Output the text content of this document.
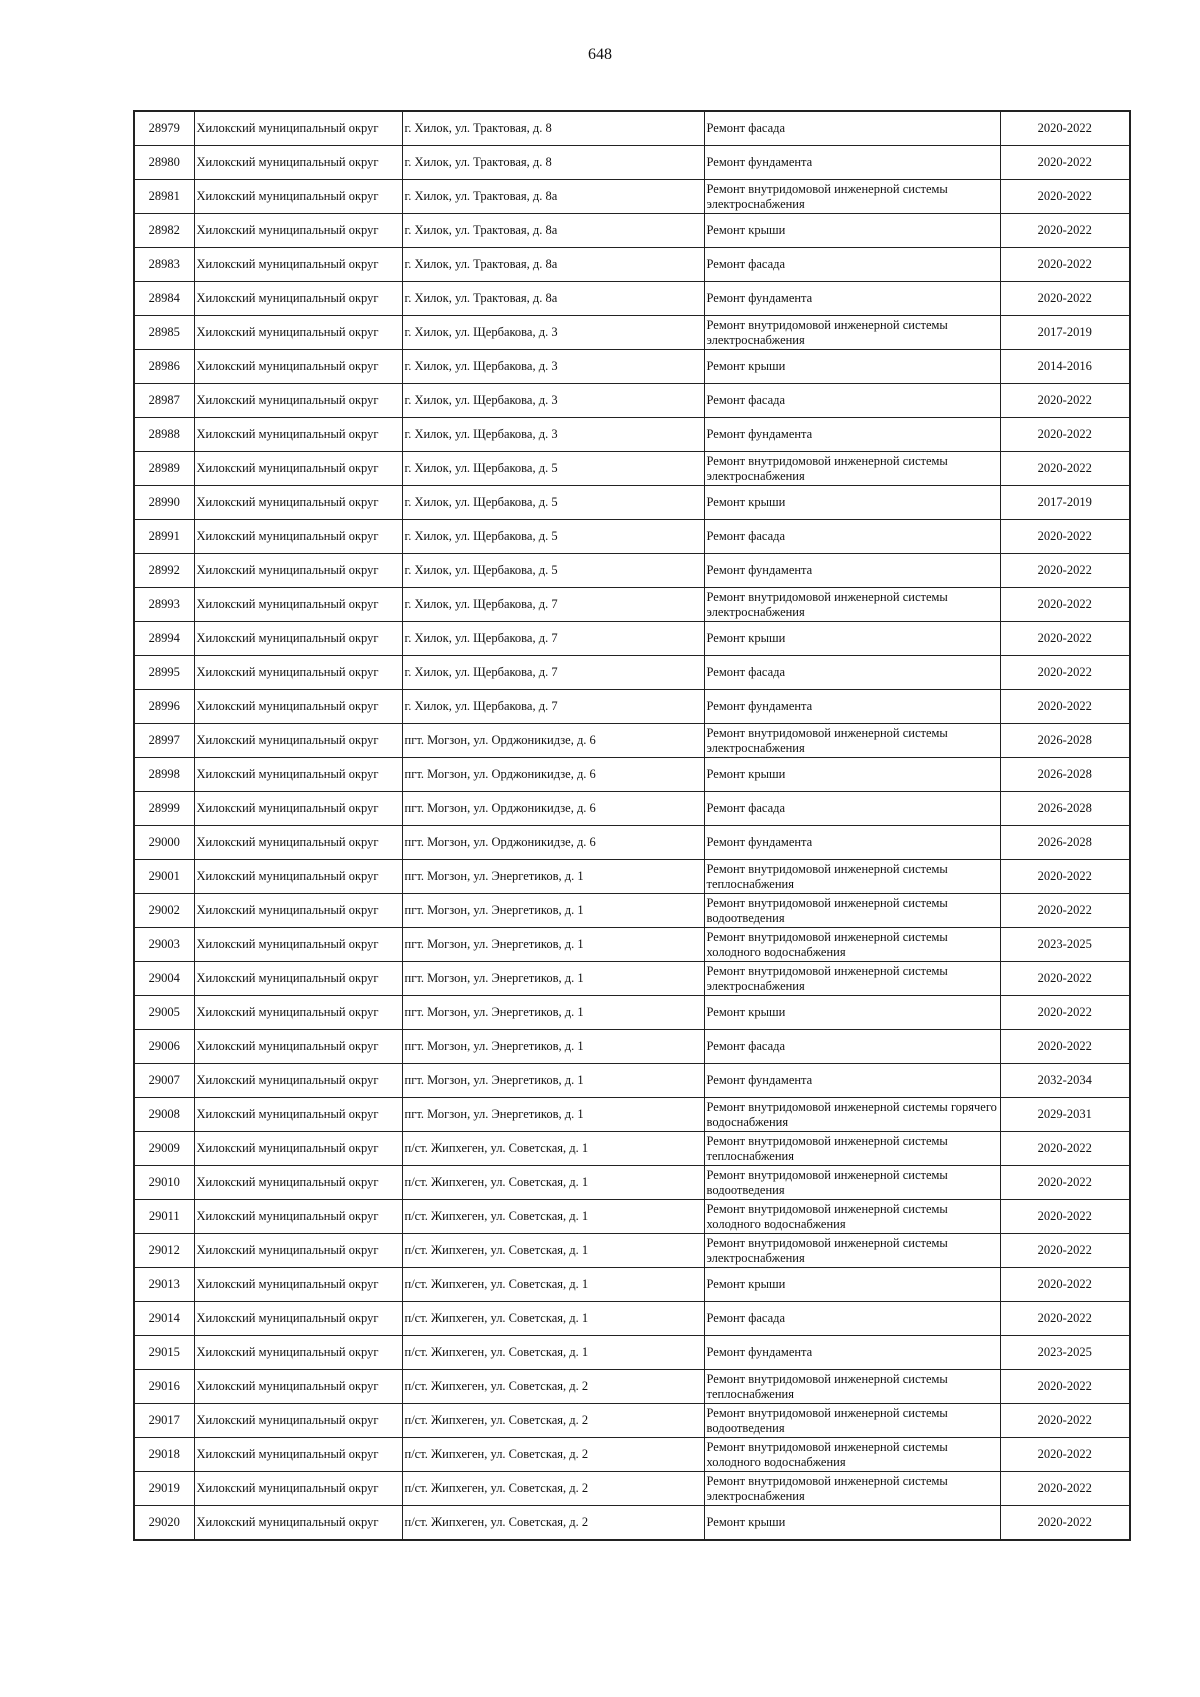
648
28979	Хилокский муниципальный округ	г. Хилок, ул. Трактовая, д. 8	Ремонт фасада	2020-2022
28980	Хилокский муниципальный округ	г. Хилок, ул. Трактовая, д. 8	Ремонт фундамента	2020-2022
28981	Хилокский муниципальный округ	г. Хилок, ул. Трактовая, д. 8а	Ремонт внутридомовой инженерной системы электроснабжения	2020-2022
28982	Хилокский муниципальный округ	г. Хилок, ул. Трактовая, д. 8а	Ремонт крыши	2020-2022
28983	Хилокский муниципальный округ	г. Хилок, ул. Трактовая, д. 8а	Ремонт фасада	2020-2022
28984	Хилокский муниципальный округ	г. Хилок, ул. Трактовая, д. 8а	Ремонт фундамента	2020-2022
28985	Хилокский муниципальный округ	г. Хилок, ул. Щербакова, д. 3	Ремонт внутридомовой инженерной системы электроснабжения	2017-2019
28986	Хилокский муниципальный округ	г. Хилок, ул. Щербакова, д. 3	Ремонт крыши	2014-2016
28987	Хилокский муниципальный округ	г. Хилок, ул. Щербакова, д. 3	Ремонт фасада	2020-2022
28988	Хилокский муниципальный округ	г. Хилок, ул. Щербакова, д. 3	Ремонт фундамента	2020-2022
28989	Хилокский муниципальный округ	г. Хилок, ул. Щербакова, д. 5	Ремонт внутридомовой инженерной системы электроснабжения	2020-2022
28990	Хилокский муниципальный округ	г. Хилок, ул. Щербакова, д. 5	Ремонт крыши	2017-2019
28991	Хилокский муниципальный округ	г. Хилок, ул. Щербакова, д. 5	Ремонт фасада	2020-2022
28992	Хилокский муниципальный округ	г. Хилок, ул. Щербакова, д. 5	Ремонт фундамента	2020-2022
28993	Хилокский муниципальный округ	г. Хилок, ул. Щербакова, д. 7	Ремонт внутридомовой инженерной системы электроснабжения	2020-2022
28994	Хилокский муниципальный округ	г. Хилок, ул. Щербакова, д. 7	Ремонт крыши	2020-2022
28995	Хилокский муниципальный округ	г. Хилок, ул. Щербакова, д. 7	Ремонт фасада	2020-2022
28996	Хилокский муниципальный округ	г. Хилок, ул. Щербакова, д. 7	Ремонт фундамента	2020-2022
28997	Хилокский муниципальный округ	пгт. Могзон, ул. Орджоникидзе, д. 6	Ремонт внутридомовой инженерной системы электроснабжения	2026-2028
28998	Хилокский муниципальный округ	пгт. Могзон, ул. Орджоникидзе, д. 6	Ремонт крыши	2026-2028
28999	Хилокский муниципальный округ	пгт. Могзон, ул. Орджоникидзе, д. 6	Ремонт фасада	2026-2028
29000	Хилокский муниципальный округ	пгт. Могзон, ул. Орджоникидзе, д. 6	Ремонт фундамента	2026-2028
29001	Хилокский муниципальный округ	пгт. Могзон, ул. Энергетиков, д. 1	Ремонт внутридомовой инженерной системы теплоснабжения	2020-2022
29002	Хилокский муниципальный округ	пгт. Могзон, ул. Энергетиков, д. 1	Ремонт внутридомовой инженерной системы водоотведения	2020-2022
29003	Хилокский муниципальный округ	пгт. Могзон, ул. Энергетиков, д. 1	Ремонт внутридомовой инженерной системы холодного водоснабжения	2023-2025
29004	Хилокский муниципальный округ	пгт. Могзон, ул. Энергетиков, д. 1	Ремонт внутридомовой инженерной системы электроснабжения	2020-2022
29005	Хилокский муниципальный округ	пгт. Могзон, ул. Энергетиков, д. 1	Ремонт крыши	2020-2022
29006	Хилокский муниципальный округ	пгт. Могзон, ул. Энергетиков, д. 1	Ремонт фасада	2020-2022
29007	Хилокский муниципальный округ	пгт. Могзон, ул. Энергетиков, д. 1	Ремонт фундамента	2032-2034
29008	Хилокский муниципальный округ	пгт. Могзон, ул. Энергетиков, д. 1	Ремонт внутридомовой инженерной системы горячего водоснабжения	2029-2031
29009	Хилокский муниципальный округ	п/ст. Жипхеген, ул. Советская, д. 1	Ремонт внутридомовой инженерной системы теплоснабжения	2020-2022
29010	Хилокский муниципальный округ	п/ст. Жипхеген, ул. Советская, д. 1	Ремонт внутридомовой инженерной системы водоотведения	2020-2022
29011	Хилокский муниципальный округ	п/ст. Жипхеген, ул. Советская, д. 1	Ремонт внутридомовой инженерной системы холодного водоснабжения	2020-2022
29012	Хилокский муниципальный округ	п/ст. Жипхеген, ул. Советская, д. 1	Ремонт внутридомовой инженерной системы электроснабжения	2020-2022
29013	Хилокский муниципальный округ	п/ст. Жипхеген, ул. Советская, д. 1	Ремонт крыши	2020-2022
29014	Хилокский муниципальный округ	п/ст. Жипхеген, ул. Советская, д. 1	Ремонт фасада	2020-2022
29015	Хилокский муниципальный округ	п/ст. Жипхеген, ул. Советская, д. 1	Ремонт фундамента	2023-2025
29016	Хилокский муниципальный округ	п/ст. Жипхеген, ул. Советская, д. 2	Ремонт внутридомовой инженерной системы теплоснабжения	2020-2022
29017	Хилокский муниципальный округ	п/ст. Жипхеген, ул. Советская, д. 2	Ремонт внутридомовой инженерной системы водоотведения	2020-2022
29018	Хилокский муниципальный округ	п/ст. Жипхеген, ул. Советская, д. 2	Ремонт внутридомовой инженерной системы холодного водоснабжения	2020-2022
29019	Хилокский муниципальный округ	п/ст. Жипхеген, ул. Советская, д. 2	Ремонт внутридомовой инженерной системы электроснабжения	2020-2022
29020	Хилокский муниципальный округ	п/ст. Жипхеген, ул. Советская, д. 2	Ремонт крыши	2020-2022
